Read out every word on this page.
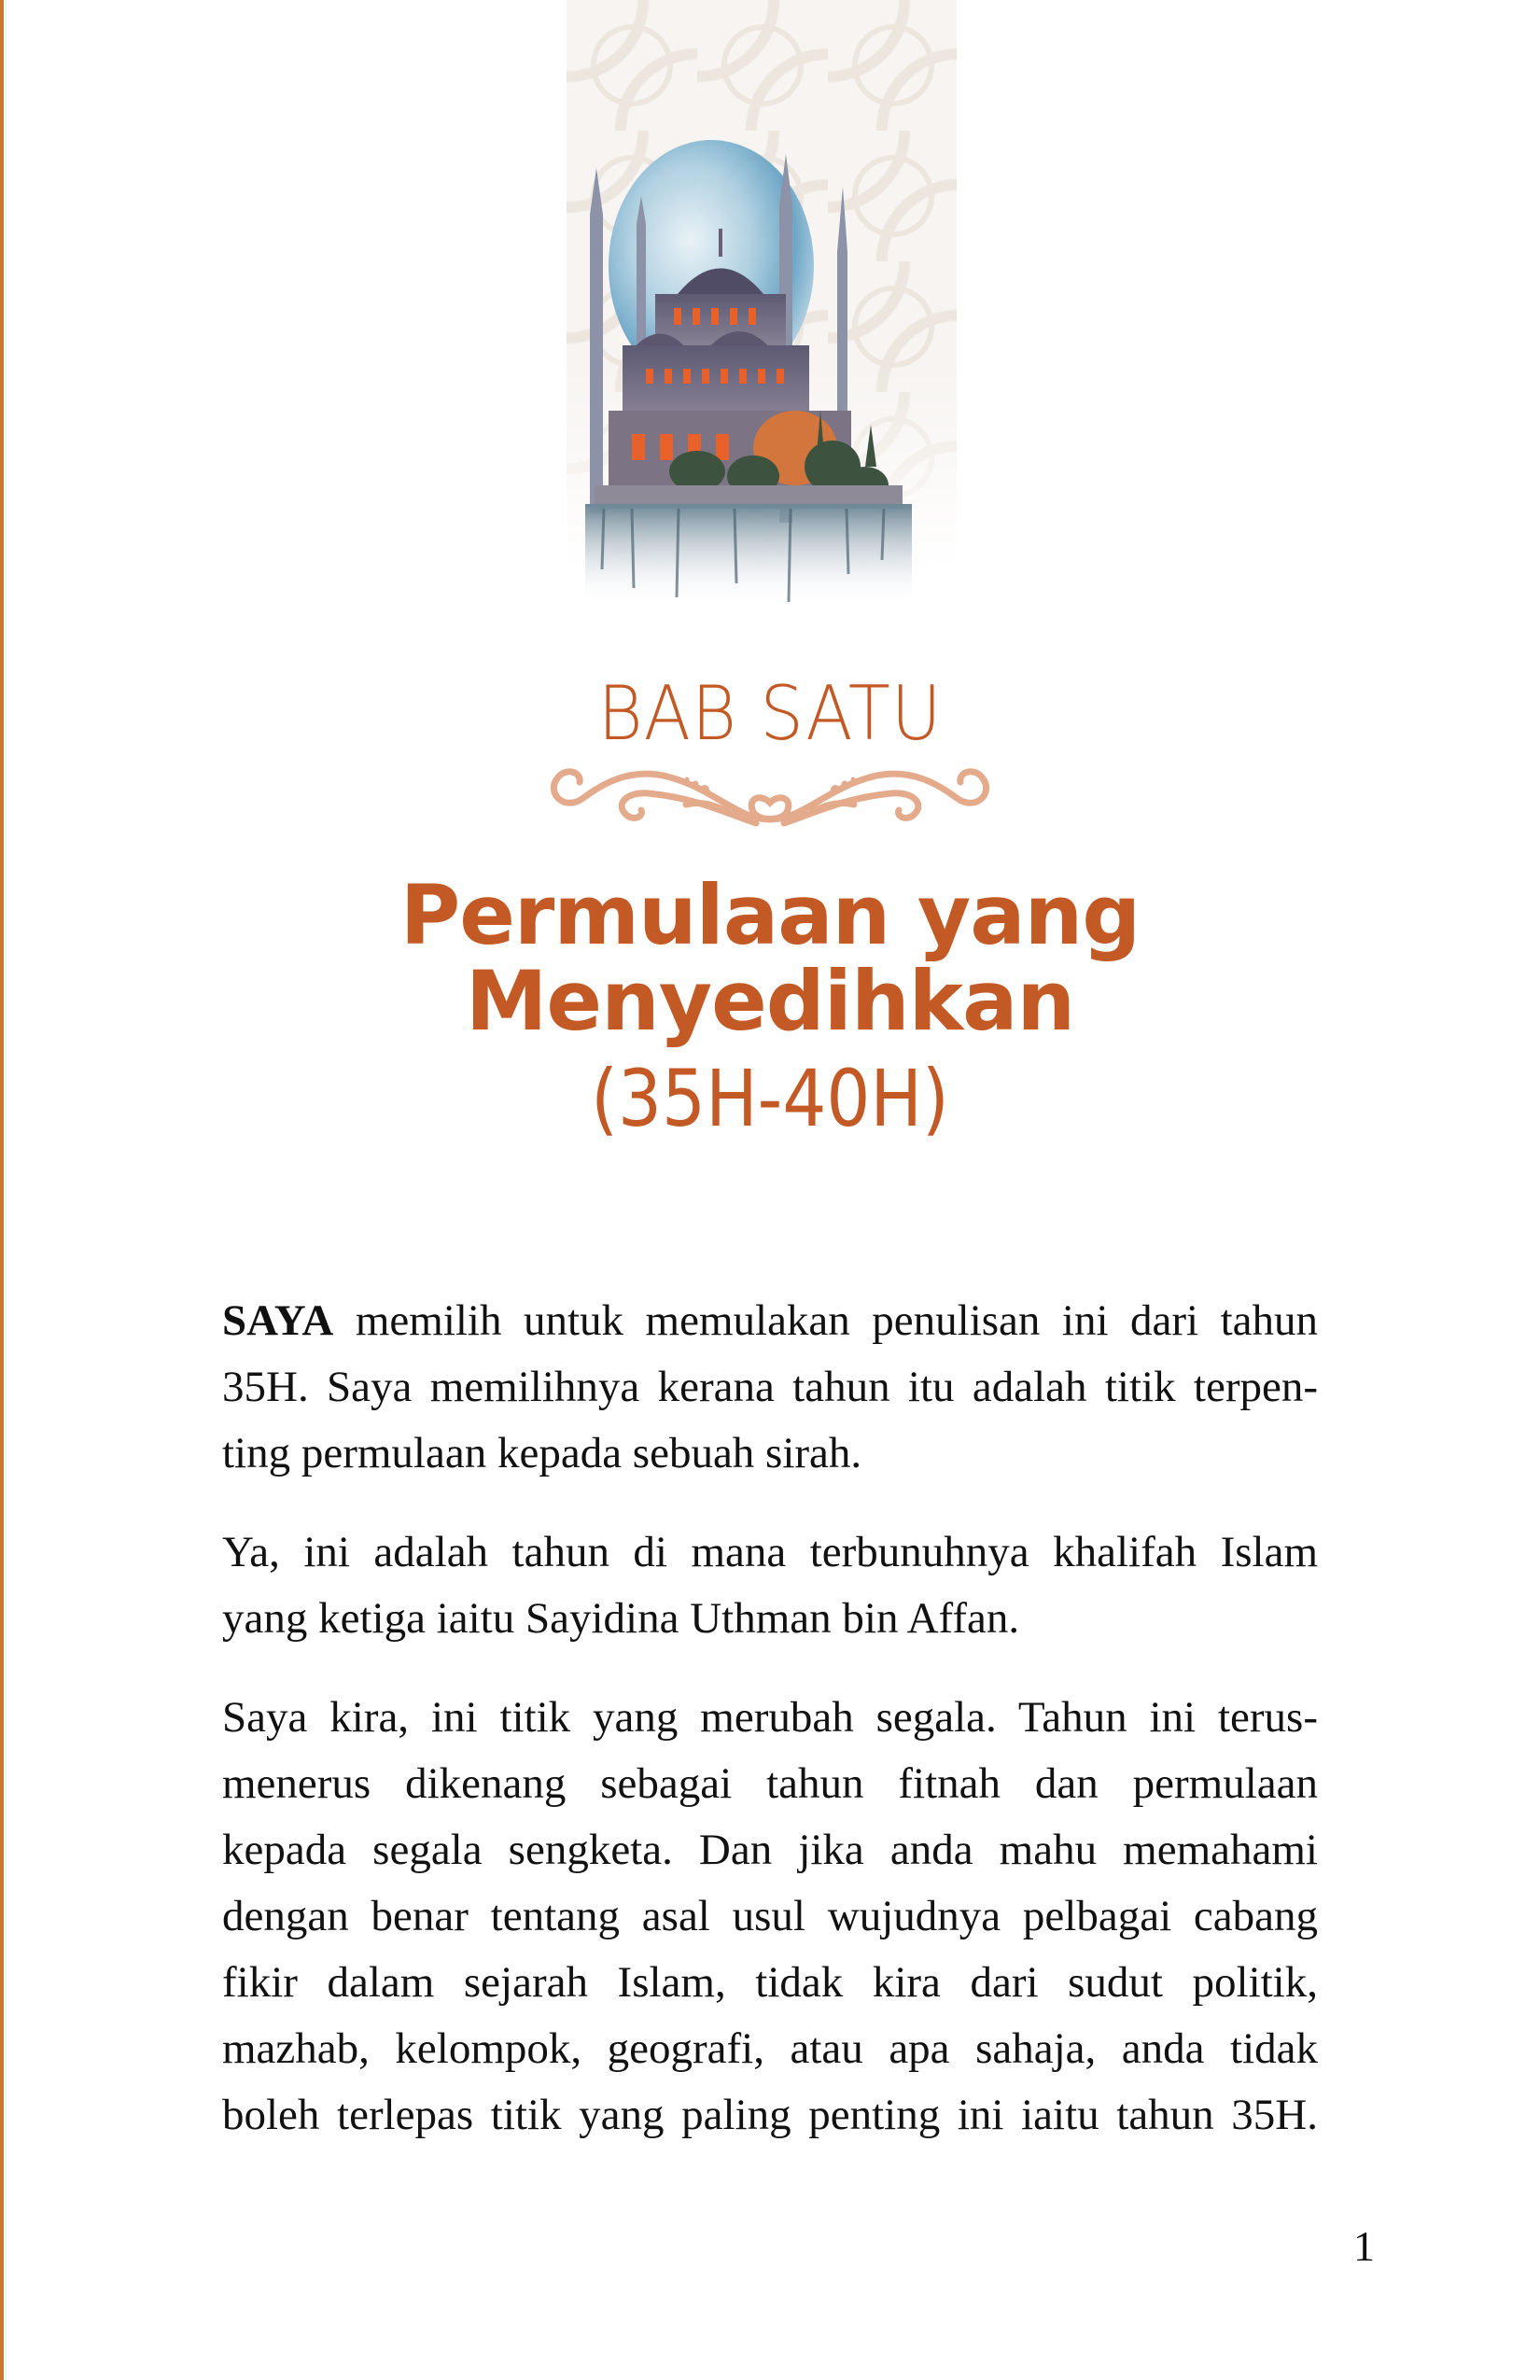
BAB SATU
Permulaan yang
Menyedihkan
(35H-40H)

SAYA memilih untuk memulakan penulisan ini dari tahun
35H. Saya memilihnya kerana tahun itu adalah titik terpen-
ting permulaan kepada sebuah sirah.

Ya, ini adalah tahun di mana terbunuhnya khalifah Islam
yang ketiga iaitu Sayidina Uthman bin Affan.

Saya kira, ini titik yang merubah segala. Tahun ini terus-
menerus dikenang sebagai tahun fitnah dan permulaan
kepada segala sengketa. Dan jika anda mahu memahami
dengan benar tentang asal usul wujudnya pelbagai cabang
fikir dalam sejarah Islam, tidak kira dari sudut politik,
mazhab, kelompok, geografi, atau apa sahaja, anda tidak
boleh terlepas titik yang paling penting ini iaitu tahun 35H.

1
